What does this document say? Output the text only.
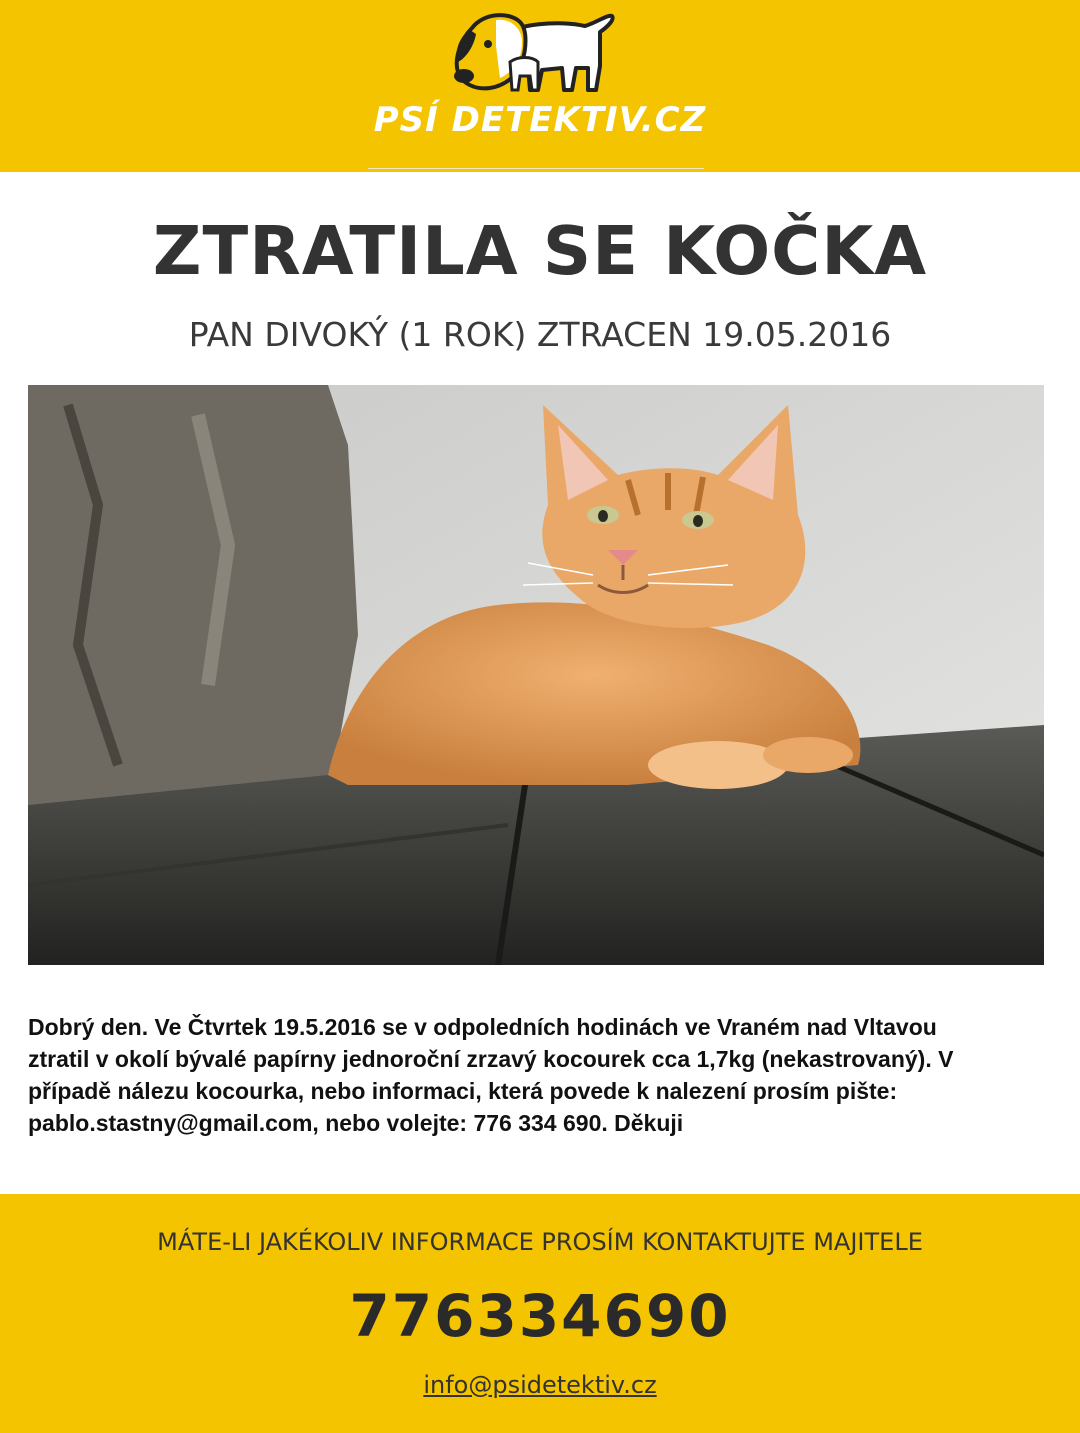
PSÍ DETEKTIV.CZ
ZTRATILA SE KOČKA
PAN DIVOKÝ (1 ROK) ZTRACEN 19.05.2016
Dobrý den. Ve Čtvrtek 19.5.2016 se v odpoledních hodinách ve Vraném nad Vltavou
ztratil v okolí bývalé papírny jednoroční zrzavý kocourek cca 1,7kg (nekastrovaný). V
případě nálezu kocourka, nebo informaci, která povede k nalezení prosím pište:
pablo.stastny@gmail.com, nebo volejte: 776 334 690. Děkuji
MÁTE-LI JAKÉKOLIV INFORMACE PROSÍM KONTAKTUJTE MAJITELE
776334690
info@psidetektiv.cz
